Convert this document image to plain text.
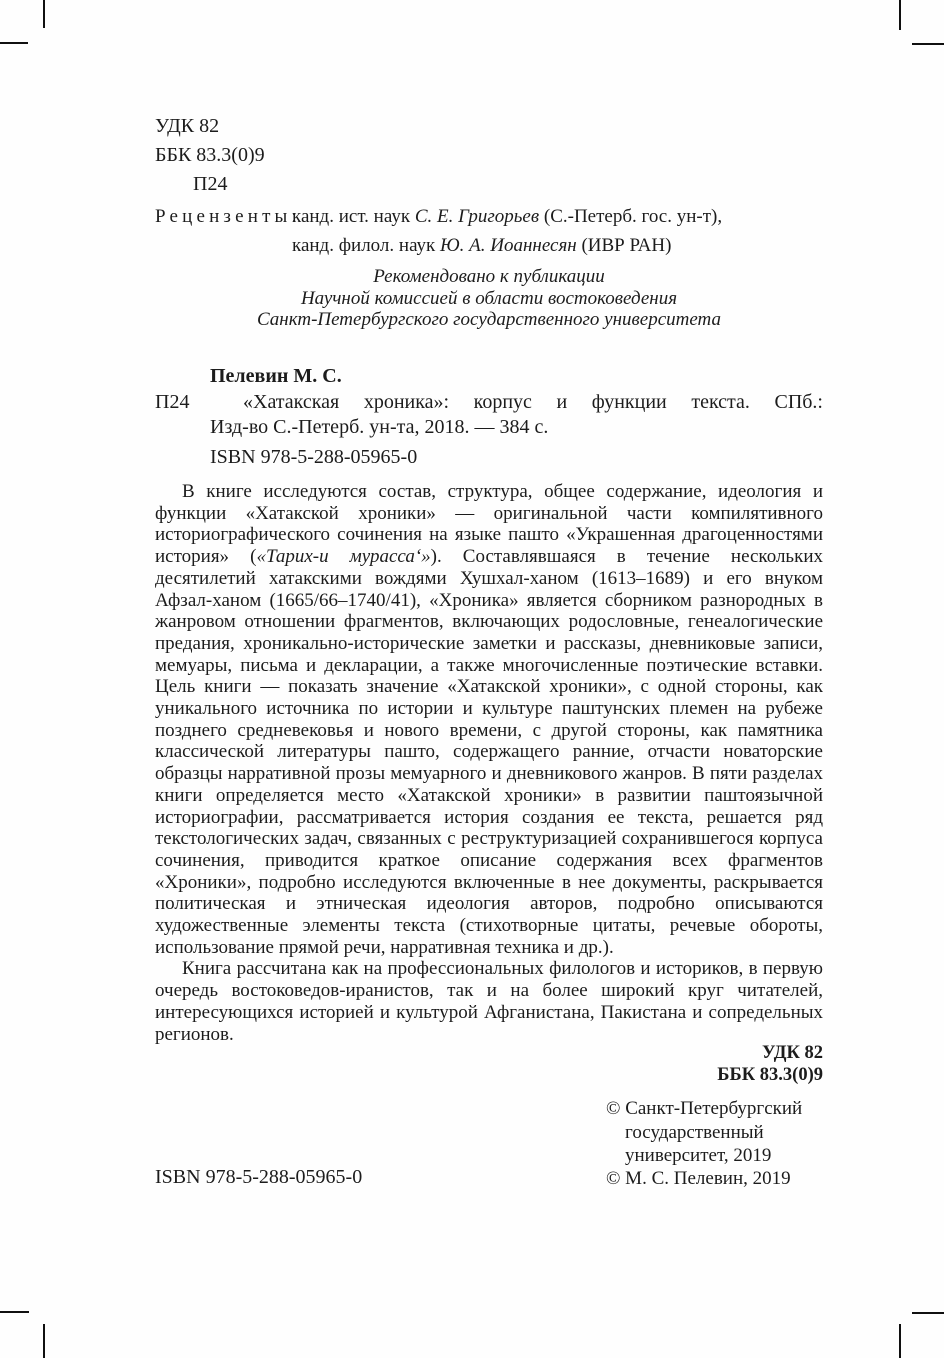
УДК 82
ББК 83.3(0)9
П24
Рецензенты:
канд. ист. наук С. Е. Григорьев (С.-Петерб. гос. ун-т),
канд. филол. наук Ю. А. Иоаннесян (ИВР РАН)
Рекомендовано к публикации
Научной комиссией в области востоковедения
Санкт-Петербургского государственного университета
Пелевин М. С.
П24	«Хатакская хроника»: корпус и функции текста. СПб.:
Изд-во С.-Петерб. ун-та, 2018. — 384 с.
ISBN 978-5-288-05965-0

В книге исследуются состав, структура, общее содержание, идеология и функции «Хатакской хроники» — оригинальной части компилятивного историографического сочинения на языке пашто «Украшенная драгоценностями история» («Тарих-и мурасса‘»). Составлявшаяся в течение нескольких десятилетий хатакскими вождями Хушхал-ханом (1613–1689) и его внуком Афзал-ханом (1665/66–1740/41), «Хроника» является сборником разнородных в жанровом отношении фрагментов, включающих родословные, генеалогические предания, хроникально-исторические заметки и рассказы, дневниковые записи, мемуары, письма и декларации, а также многочисленные поэтические вставки. Цель книги — показать значение «Хатакской хроники», с одной стороны, как уникального источника по истории и культуре паштунских племен на рубеже позднего средневековья и нового времени, с другой стороны, как памятника классической литературы пашто, содержащего ранние, отчасти новаторские образцы нарративной прозы мемуарного и дневникового жанров. В пяти разделах книги определяется место «Хатакской хроники» в развитии паштоязычной историографии, рассматривается история создания ее текста, решается ряд текстологических задач, связанных с реструктуризацией сохранившегося корпуса сочинения, приводится краткое описание содержания всех фрагментов «Хроники», подробно исследуются включенные в нее документы, раскрывается политическая и этническая идеология авторов, подробно описываются художественные элементы текста (стихотворные цитаты, речевые обороты, использование прямой речи, нарративная техника и др.).

Книга рассчитана как на профессиональных филологов и историков, в первую очередь востоковедов-иранистов, так и на более широкий круг читателей, интересующихся историей и культурой Афганистана, Пакистана и сопредельных регионов.

УДК 82
ББК 83.3(0)9
© Санкт-Петербургский
государственный
университет, 2019
© М. С. Пелевин, 2019
ISBN 978-5-288-05965-0
